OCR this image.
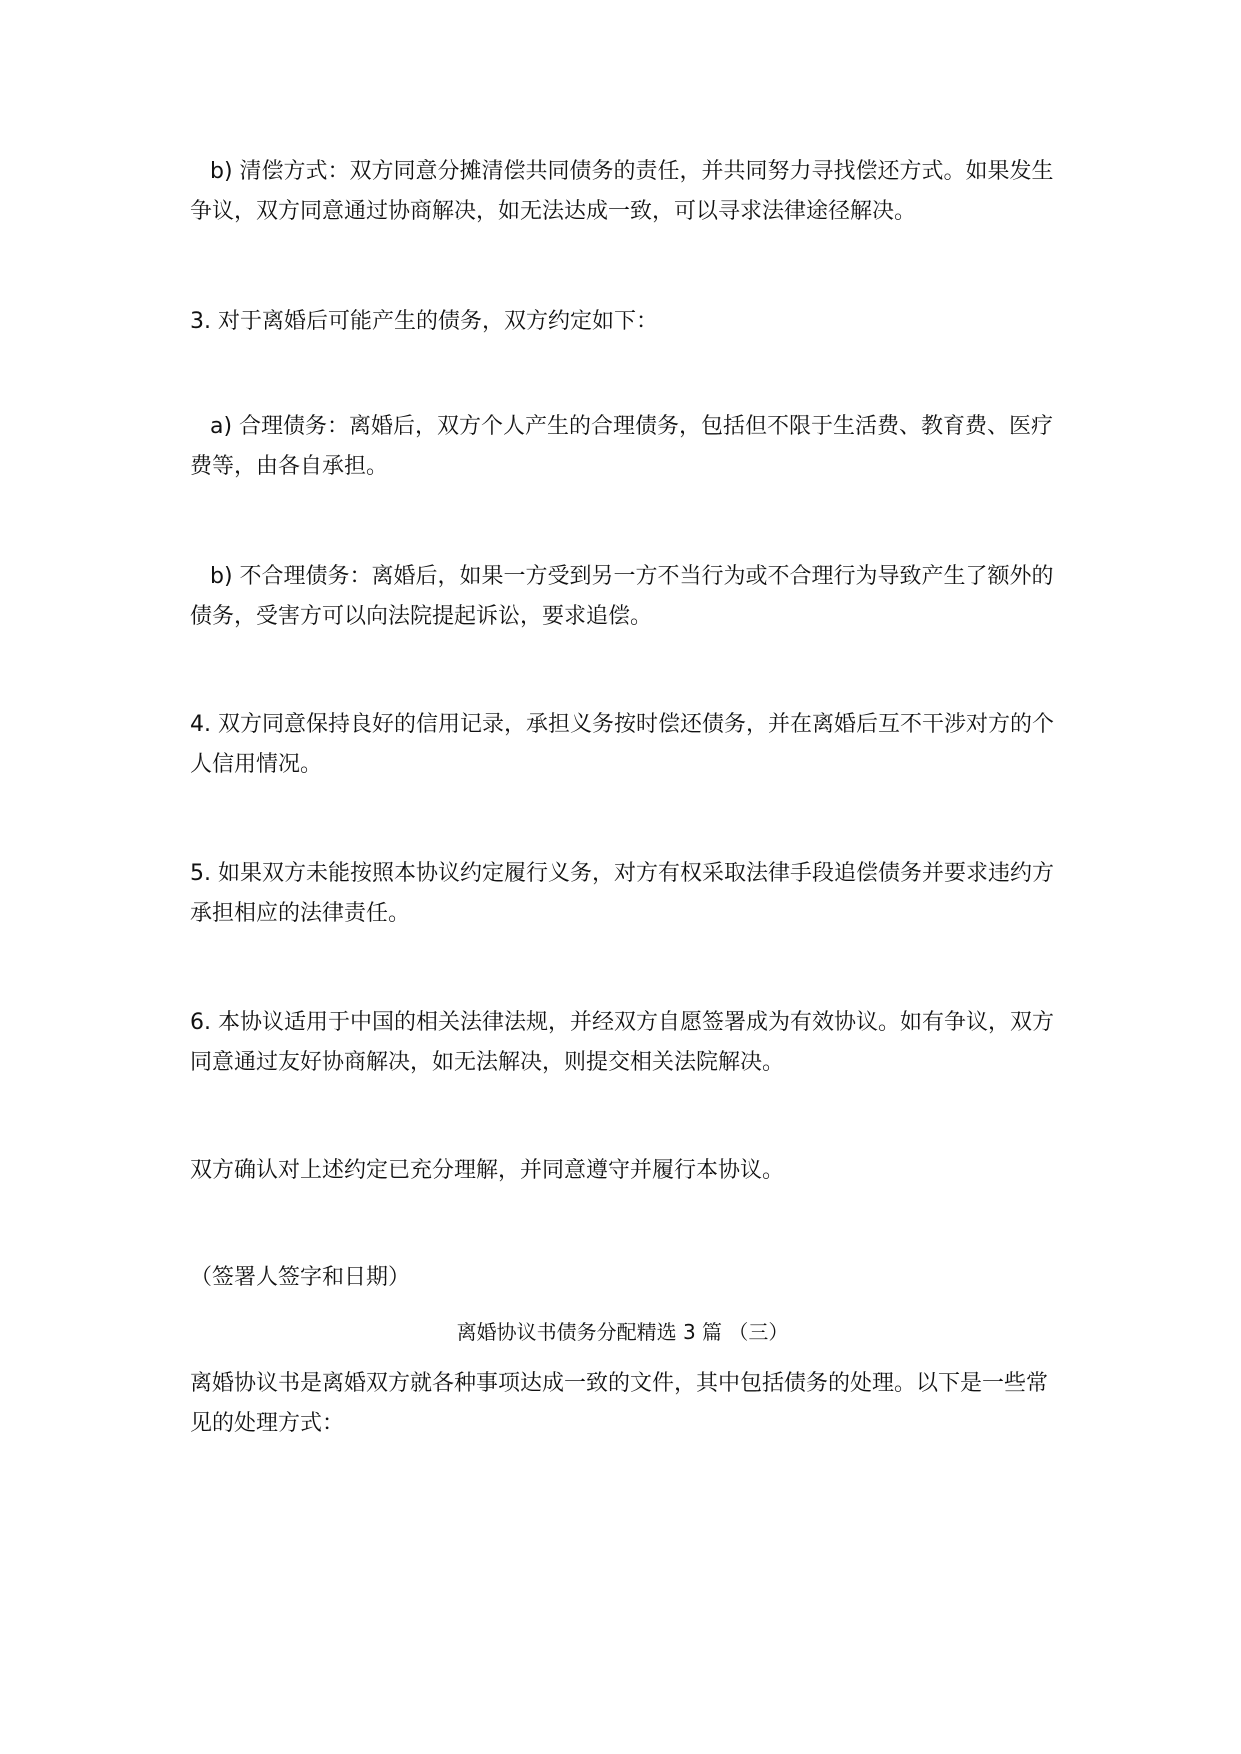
b) 清偿方式：双方同意分摊清偿共同债务的责任，并共同努力寻找偿还方式。如果发生争议，双方同意通过协商解决，如无法达成一致，可以寻求法律途径解决。

3. 对于离婚后可能产生的债务，双方约定如下：

a) 合理债务：离婚后，双方个人产生的合理债务，包括但不限于生活费、教育费、医疗费等，由各自承担。

b) 不合理债务：离婚后，如果一方受到另一方不当行为或不合理行为导致产生了额外的债务，受害方可以向法院提起诉讼，要求追偿。

4. 双方同意保持良好的信用记录，承担义务按时偿还债务，并在离婚后互不干涉对方的个人信用情况。

5. 如果双方未能按照本协议约定履行义务，对方有权采取法律手段追偿债务并要求违约方承担相应的法律责任。

6. 本协议适用于中国的相关法律法规，并经双方自愿签署成为有效协议。如有争议，双方同意通过友好协商解决，如无法解决，则提交相关法院解决。

双方确认对上述约定已充分理解，并同意遵守并履行本协议。

（签署人签字和日期）

离婚协议书债务分配精选 3 篇 （三）

离婚协议书是离婚双方就各种事项达成一致的文件，其中包括债务的处理。以下是一些常见的处理方式：
